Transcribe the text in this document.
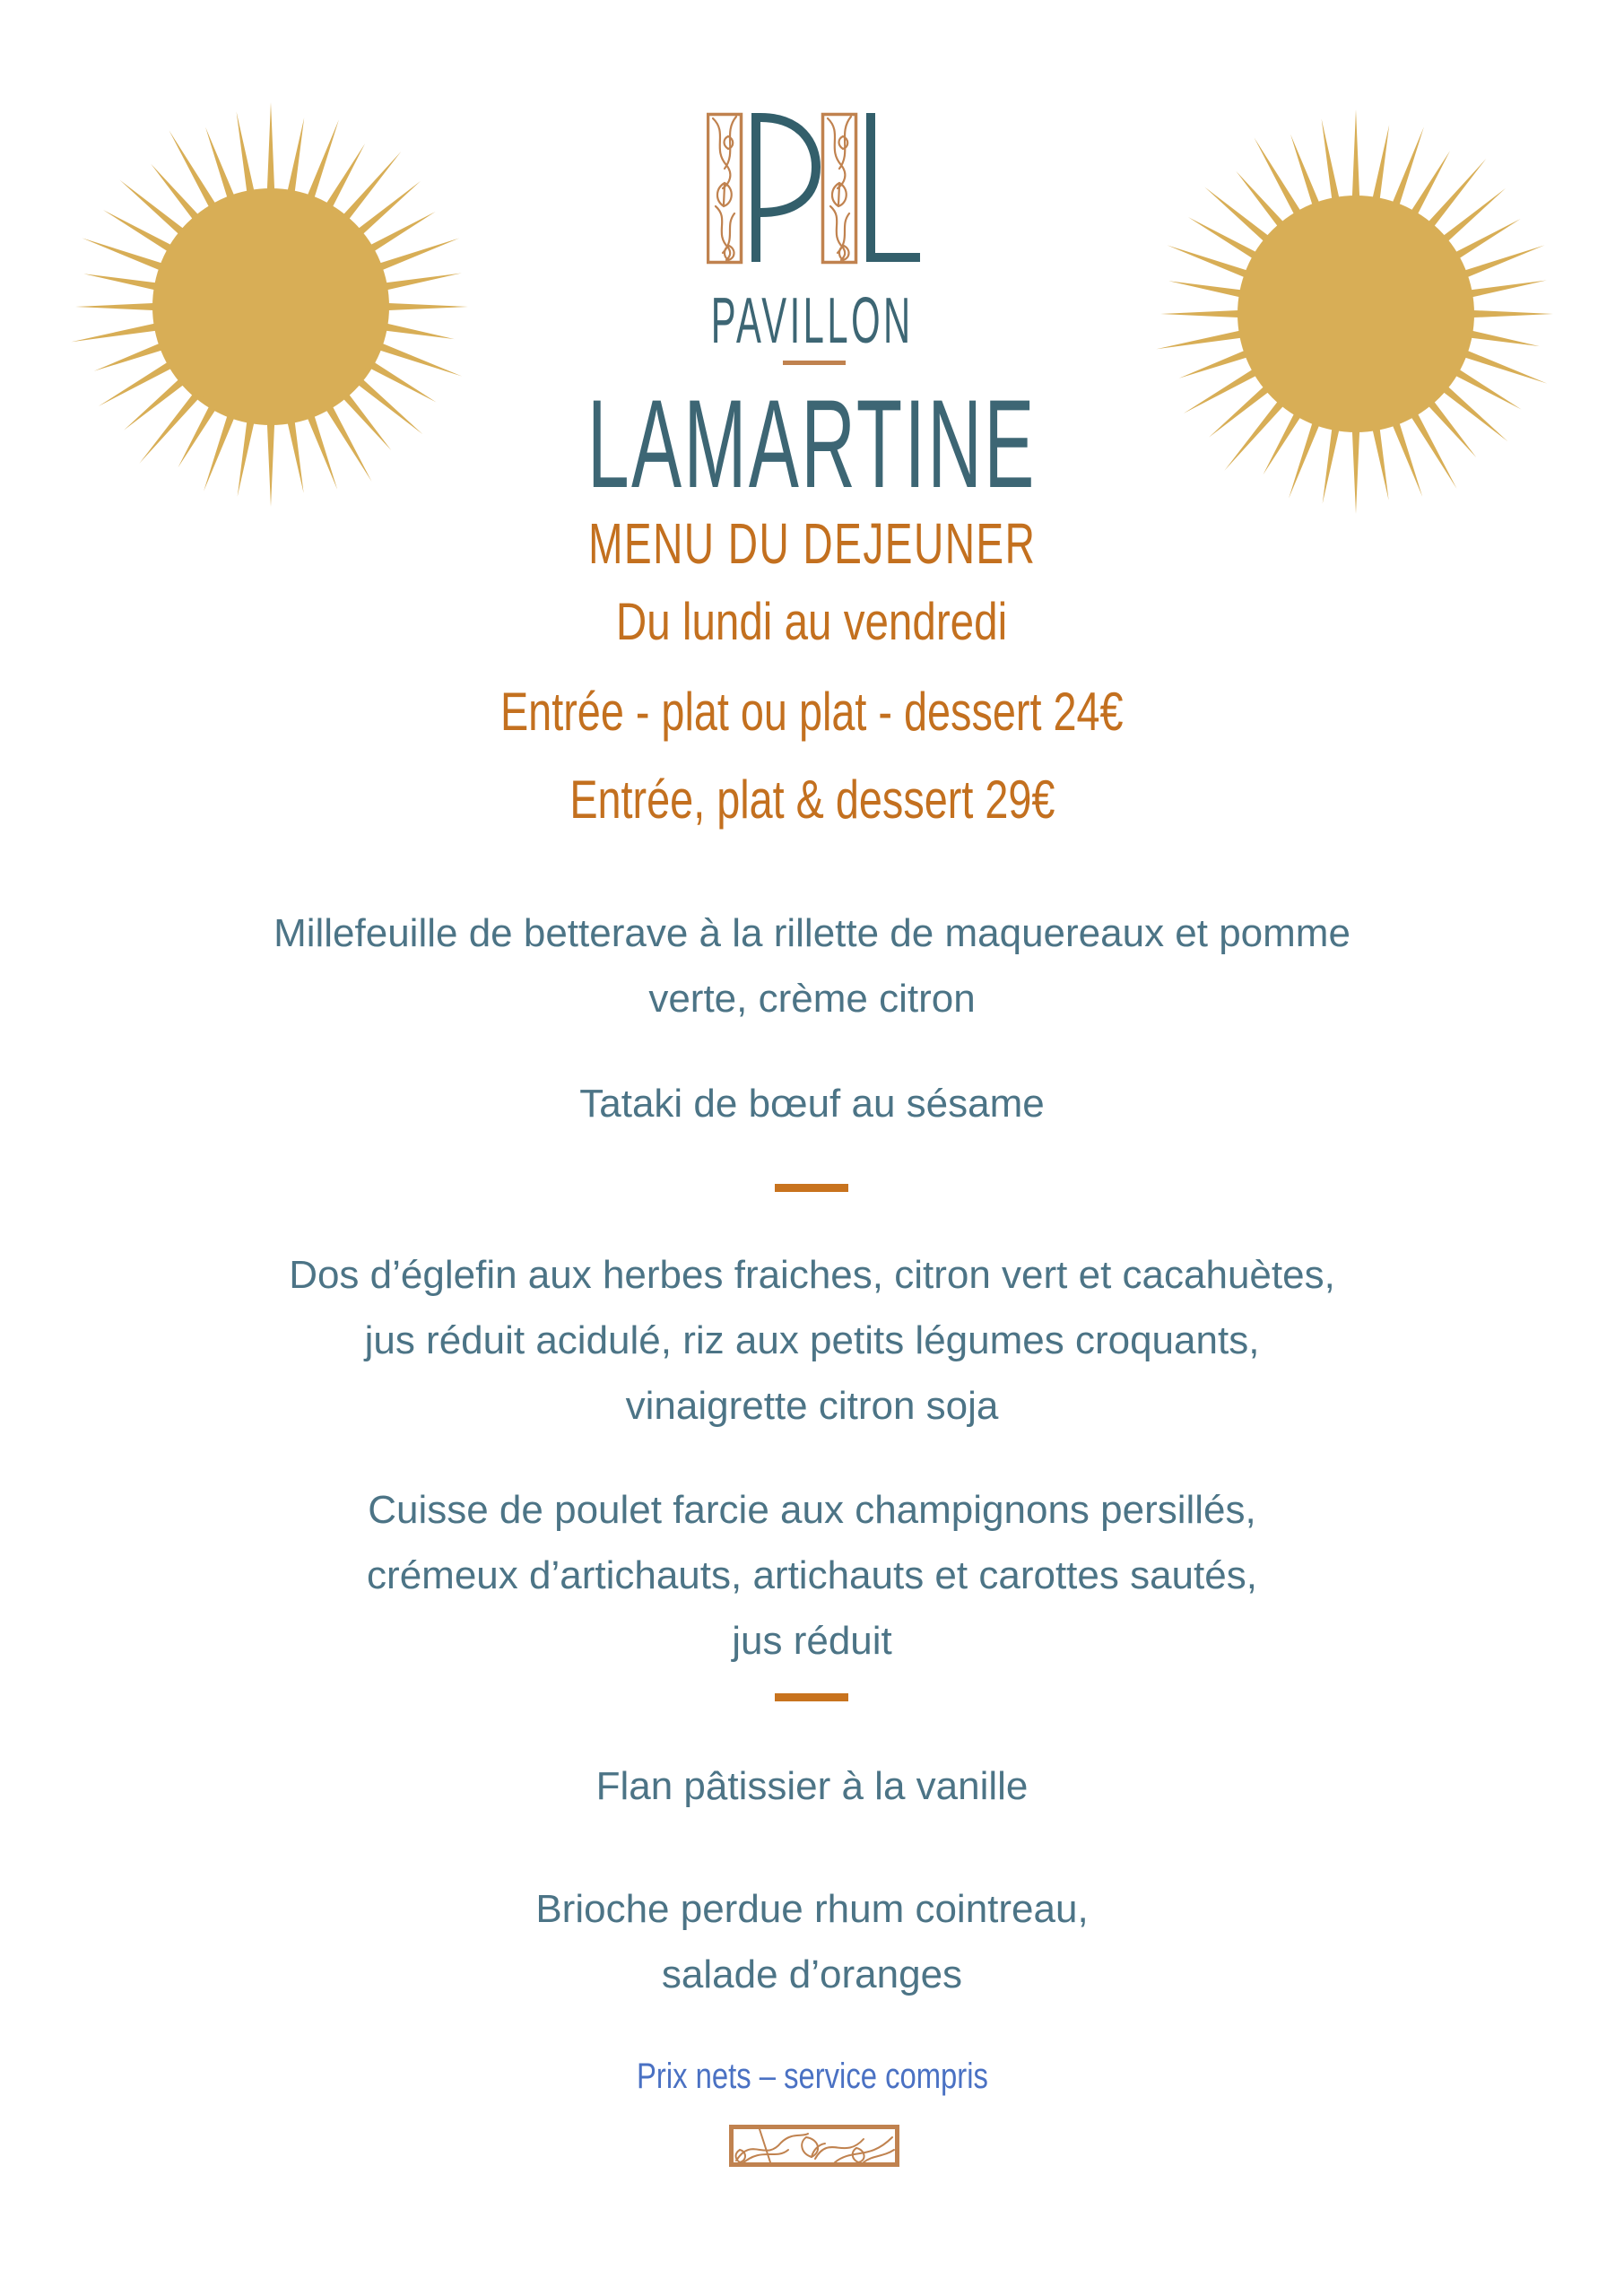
PAVILLON
LAMARTINE
MENU DU DEJEUNER
Du lundi au vendredi
Entrée - plat ou plat - dessert 24€
Entrée, plat & dessert 29€
Millefeuille de betterave à la rillette de maquereaux et pomme
verte, crème citron
Tataki de bœuf au sésame
Dos d’églefin aux herbes fraiches, citron vert et cacahuètes,
jus réduit acidulé, riz aux petits légumes croquants,
vinaigrette citron soja
Cuisse de poulet farcie aux champignons persillés,
crémeux d’artichauts, artichauts et carottes sautés,
jus réduit
Flan pâtissier à la vanille
Brioche perdue rhum cointreau,
salade d’oranges
Prix nets – service compris
